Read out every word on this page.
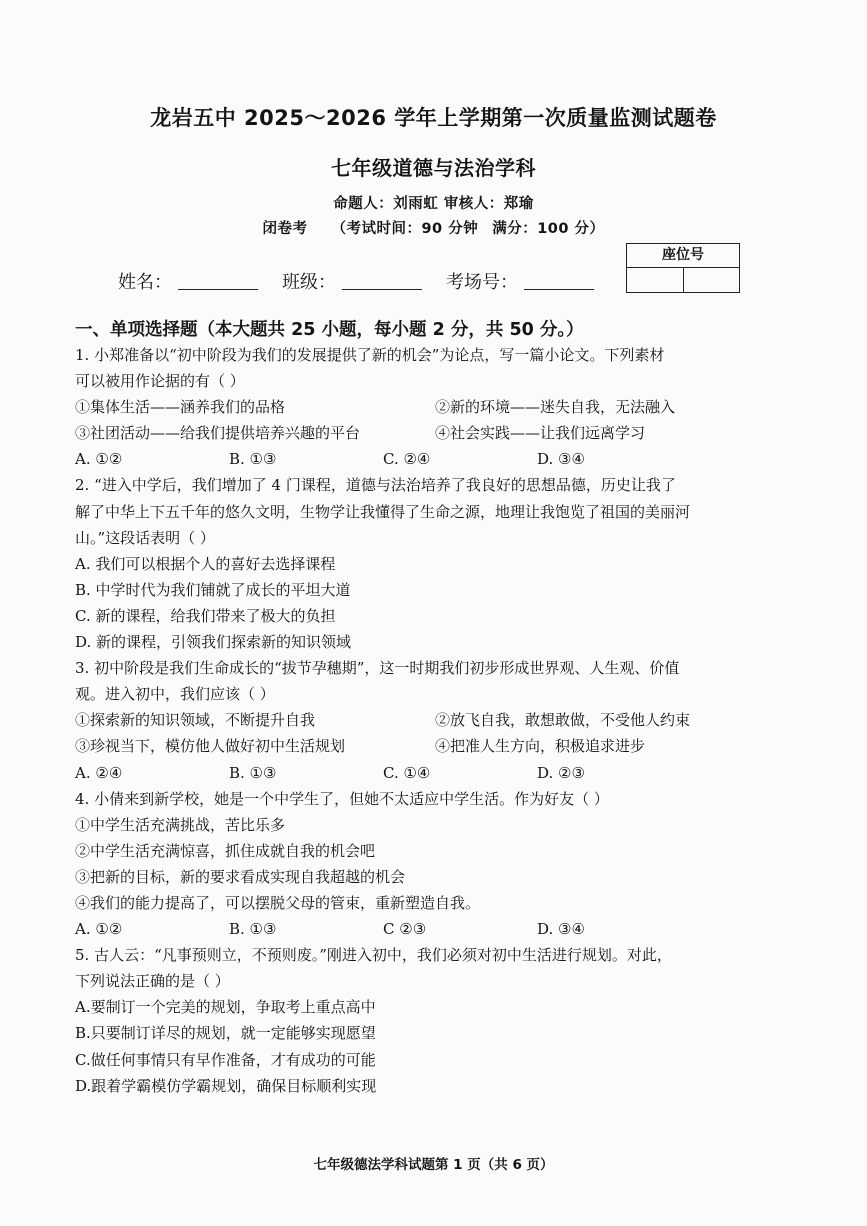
龙岩五中 2025～2026 学年上学期第一次质量监测试题卷
七年级道德与法治学科
命题人：刘雨虹 审核人：郑瑜
闭卷考 （考试时间：90 分钟 满分：100 分）
姓名：	班级：	考场号：
座位号
一、单项选择题（本大题共 25 小题，每小题 2 分，共 50 分。）
1. 小郑准备以“初中阶段为我们的发展提供了新的机会”为论点，写一篇小论文。下列素材
可以被用作论据的有（ ）
①集体生活——涵养我们的品格	②新的环境——迷失自我，无法融入
③社团活动——给我们提供培养兴趣的平台	④社会实践——让我们远离学习
A. ①②	B. ①③	C. ②④	D. ③④
2. “进入中学后，我们增加了 4 门课程，道德与法治培养了我良好的思想品德，历史让我了
解了中华上下五千年的悠久文明，生物学让我懂得了生命之源，地理让我饱览了祖国的美丽河
山。”这段话表明（ ）
A. 我们可以根据个人的喜好去选择课程
B. 中学时代为我们铺就了成长的平坦大道
C. 新的课程，给我们带来了极大的负担
D. 新的课程，引领我们探索新的知识领域
3. 初中阶段是我们生命成长的“拔节孕穗期”，这一时期我们初步形成世界观、人生观、价值
观。进入初中，我们应该（ ）
①探索新的知识领域，不断提升自我	②放飞自我，敢想敢做，不受他人约束
③珍视当下，模仿他人做好初中生活规划	④把准人生方向，积极追求进步
A. ②④	B. ①③	C. ①④	D. ②③
4. 小倩来到新学校，她是一个中学生了，但她不太适应中学生活。作为好友（ ）
①中学生活充满挑战，苦比乐多
②中学生活充满惊喜，抓住成就自我的机会吧
③把新的目标，新的要求看成实现自我超越的机会
④我们的能力提高了，可以摆脱父母的管束，重新塑造自我。
A. ①②	B. ①③	C ②③	D. ③④
5. 古人云：“凡事预则立，不预则废。”刚进入初中，我们必须对初中生活进行规划。对此，
下列说法正确的是（ ）
A.要制订一个完美的规划，争取考上重点高中
B.只要制订详尽的规划，就一定能够实现愿望
C.做任何事情只有早作准备，才有成功的可能
D.跟着学霸模仿学霸规划，确保目标顺利实现
七年级德法学科试题第 1 页（共 6 页）
